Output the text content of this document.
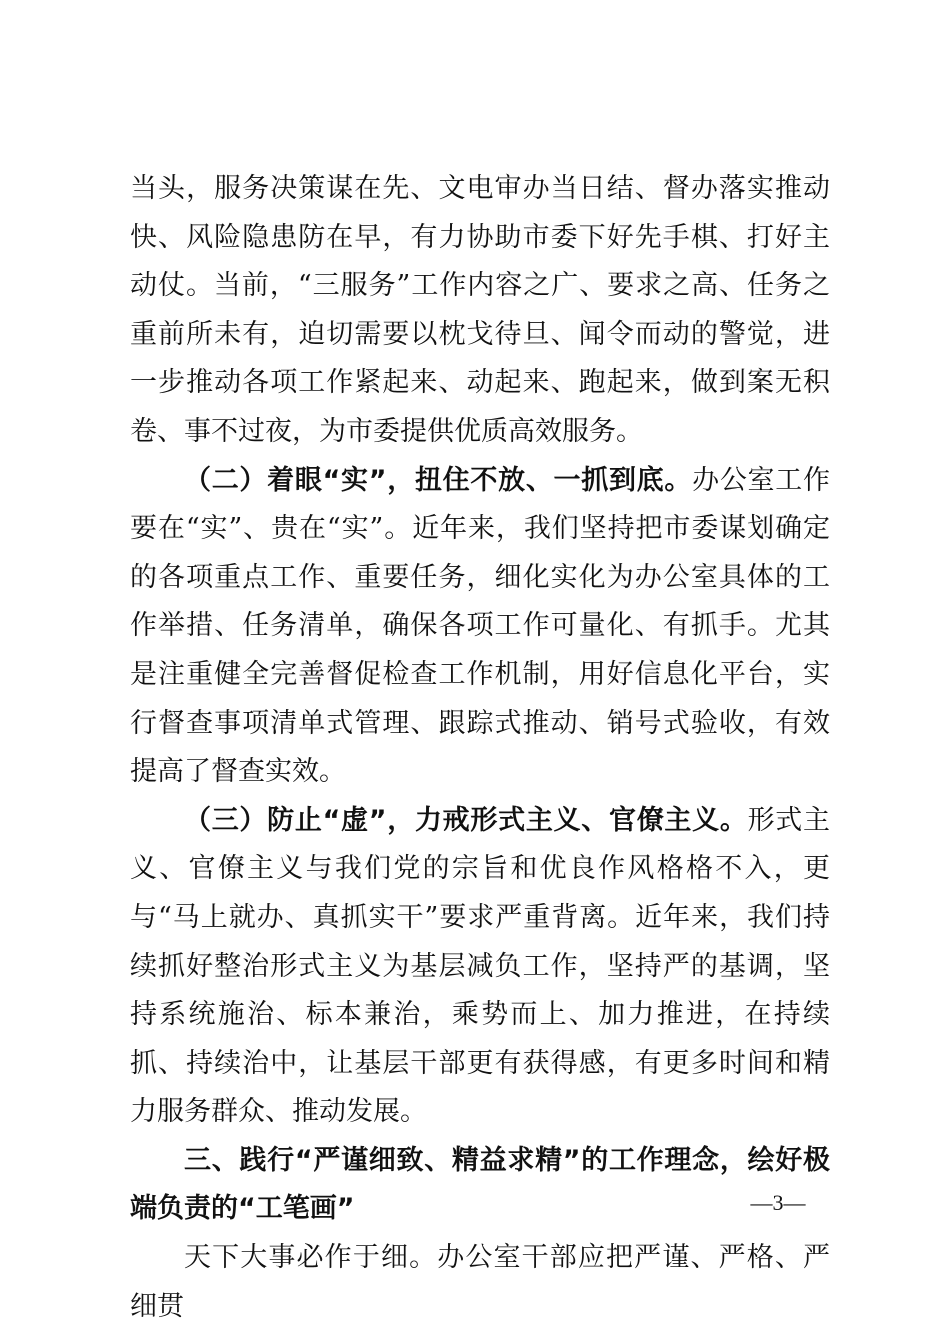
当头，服务决策谋在先、文电审办当日结、督办落实推动快、风险隐患防在早，有力协助市委下好先手棋、打好主动仗。当前，“三服务”工作内容之广、要求之高、任务之重前所未有，迫切需要以枕戈待旦、闻令而动的警觉，进一步推动各项工作紧起来、动起来、跑起来，做到案无积卷、事不过夜，为市委提供优质高效服务。

（二）着眼“实”，扭住不放、一抓到底。办公室工作要在“实”、贵在“实”。近年来，我们坚持把市委谋划确定的各项重点工作、重要任务，细化实化为办公室具体的工作举措、任务清单，确保各项工作可量化、有抓手。尤其是注重健全完善督促检查工作机制，用好信息化平台，实行督查事项清单式管理、跟踪式推动、销号式验收，有效提高了督查实效。

（三）防止“虚”，力戒形式主义、官僚主义。形式主义、官僚主义与我们党的宗旨和优良作风格格不入，更与“马上就办、真抓实干”要求严重背离。近年来，我们持续抓好整治形式主义为基层减负工作，坚持严的基调，坚持系统施治、标本兼治，乘势而上、加力推进，在持续抓、持续治中，让基层干部更有获得感，有更多时间和精力服务群众、推动发展。

三、践行“严谨细致、精益求精”的工作理念，绘好极端负责的“工笔画”

天下大事必作于细。办公室干部应把严谨、严格、严细贯

—3—
